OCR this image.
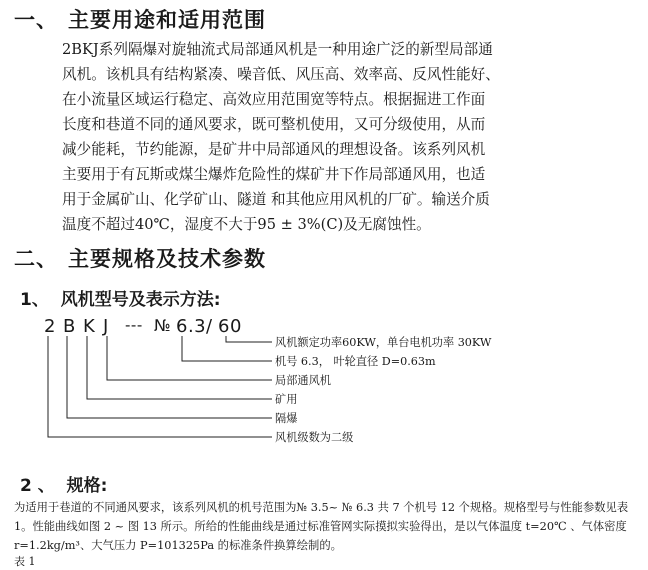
一、 主要用途和适用范围
2BKJ系列隔爆对旋轴流式局部通风机是一种用途广泛的新型局部通
风机。该机具有结构紧凑、噪音低、风压高、效率高、反风性能好、
在小流量区域运行稳定、高效应用范围宽等特点。根据掘进工作面
长度和巷道不同的通风要求，既可整机使用，又可分级使用，从而
减少能耗，节约能源，是矿井中局部通风的理想设备。该系列风机
主要用于有瓦斯或煤尘爆炸危险性的煤矿井下作局部通风用，也适
用于金属矿山、化学矿山、隧道 和其他应用风机的厂矿。输送介质
温度不超过40℃，湿度不大于95 ± 3%(C)及无腐蚀性。
二、 主要规格及技术参数
1、 风机型号及表示方法:
2 B K J --- № 6.3 / 60
风机额定功率60KW，单台电机功率 30KW
机号 6.3， 叶轮直径 D=0.63m
局部通风机
矿用
隔爆
风机级数为二级
2 、 规格:
为适用于巷道的不同通风要求，该系列风机的机号范围为№ 3.5~ № 6.3 共 7 个机号 12 个规格。规格型号与性能参数见表
1。性能曲线如图 2 ~ 图 13 所示。所给的性能曲线是通过标准管网实际摸拟实验得出，是以气体温度 t=20℃ 、气体密度
r=1.2kg/m³、大气压力 P=101325Pa 的标准条件换算绘制的。
表 1
